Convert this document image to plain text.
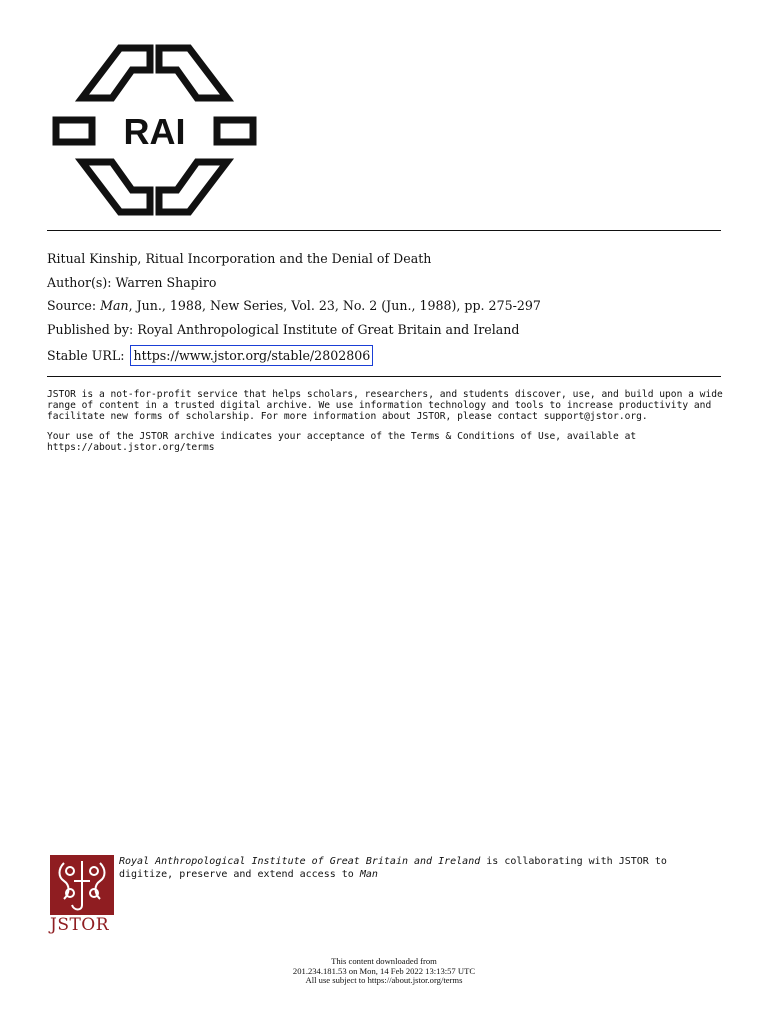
RAI
Ritual Kinship, Ritual Incorporation and the Denial of Death
Author(s): Warren Shapiro
Source: Man, Jun., 1988, New Series, Vol. 23, No. 2 (Jun., 1988), pp. 275-297
Published by: Royal Anthropological Institute of Great Britain and Ireland
Stable URL: https://www.jstor.org/stable/2802806

JSTOR is a not-for-profit service that helps scholars, researchers, and students discover, use, and build upon a wide
range of content in a trusted digital archive. We use information technology and tools to increase productivity and
facilitate new forms of scholarship. For more information about JSTOR, please contact support@jstor.org.

Your use of the JSTOR archive indicates your acceptance of the Terms & Conditions of Use, available at
https://about.jstor.org/terms

JSTOR
Royal Anthropological Institute of Great Britain and Ireland is collaborating with JSTOR to
digitize, preserve and extend access to Man
This content downloaded from
201.234.181.53 on Mon, 14 Feb 2022 13:13:57 UTC
All use subject to https://about.jstor.org/terms
